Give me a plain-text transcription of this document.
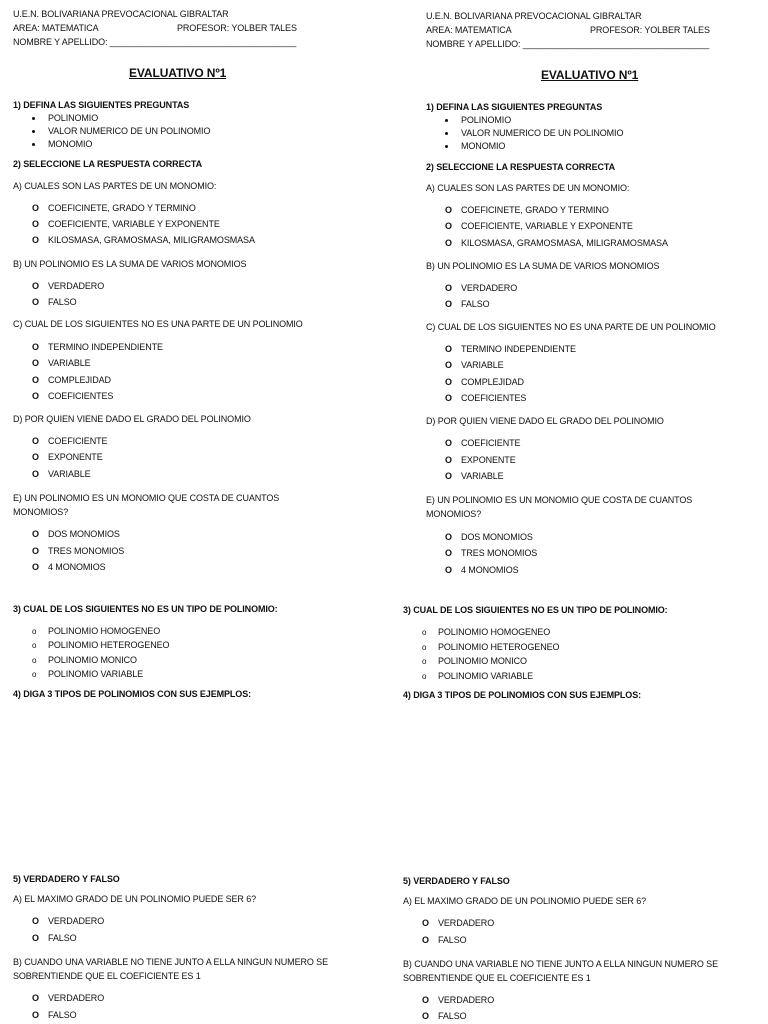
U.E.N. BOLIVARIANA PREVOCACIONAL GIBRALTAR
AREA: MATEMATICA	PROFESOR: YOLBER TALES
NOMBRE Y APELLIDO: ______________________________________
EVALUATIVO Nº1
1) DEFINA LAS SIGUIENTES PREGUNTAS
POLINOMIO
VALOR NUMERICO DE UN POLINOMIO
MONOMIO
2) SELECCIONE LA RESPUESTA CORRECTA
A) CUALES SON LAS PARTES DE UN MONOMIO:
O COEFICINETE, GRADO Y TERMINO
O COEFICIENTE, VARIABLE Y EXPONENTE
O KILOSMASA, GRAMOSMASA, MILIGRAMOSMASA
B) UN POLINOMIO ES LA SUMA DE VARIOS MONOMIOS
O VERDADERO
O FALSO
C) CUAL DE LOS SIGUIENTES NO ES UNA PARTE DE UN POLINOMIO
O TERMINO INDEPENDIENTE
O VARIABLE
O COMPLEJIDAD
O COEFICIENTES
D) POR QUIEN VIENE DADO EL GRADO DEL POLINOMIO
O COEFICIENTE
O EXPONENTE
O VARIABLE
E) UN POLINOMIO ES UN MONOMIO QUE COSTA DE CUANTOS MONOMIOS?
O DOS MONOMIOS
O TRES MONOMIOS
O 4 MONOMIOS
3) CUAL DE LOS SIGUIENTES NO ES UN TIPO DE POLINOMIO:
o POLINOMIO HOMOGENEO
o POLINOMIO HETEROGENEO
o POLINOMIO MONICO
o POLINOMIO VARIABLE
4) DIGA 3 TIPOS DE POLINOMIOS CON SUS EJEMPLOS:
5) VERDADERO Y FALSO
A) EL MAXIMO GRADO DE UN POLINOMIO PUEDE SER 6?
O VERDADERO
O FALSO
B) CUANDO UNA VARIABLE NO TIENE JUNTO A ELLA NINGUN NUMERO SE SOBRENTIENDE QUE EL COEFICIENTE ES 1
O VERDADERO
O FALSO
U.E.N. BOLIVARIANA PREVOCACIONAL GIBRALTAR
AREA: MATEMATICA	PROFESOR: YOLBER TALES
NOMBRE Y APELLIDO: ______________________________________
EVALUATIVO Nº1
1) DEFINA LAS SIGUIENTES PREGUNTAS
POLINOMIO
VALOR NUMERICO DE UN POLINOMIO
MONOMIO
2) SELECCIONE LA RESPUESTA CORRECTA
A) CUALES SON LAS PARTES DE UN MONOMIO:
O COEFICINETE, GRADO Y TERMINO
O COEFICIENTE, VARIABLE Y EXPONENTE
O KILOSMASA, GRAMOSMASA, MILIGRAMOSMASA
B) UN POLINOMIO ES LA SUMA DE VARIOS MONOMIOS
O VERDADERO
O FALSO
C) CUAL DE LOS SIGUIENTES NO ES UNA PARTE DE UN POLINOMIO
O TERMINO INDEPENDIENTE
O VARIABLE
O COMPLEJIDAD
O COEFICIENTES
D) POR QUIEN VIENE DADO EL GRADO DEL POLINOMIO
O COEFICIENTE
O EXPONENTE
O VARIABLE
E) UN POLINOMIO ES UN MONOMIO QUE COSTA DE CUANTOS MONOMIOS?
O DOS MONOMIOS
O TRES MONOMIOS
O 4 MONOMIOS
3) CUAL DE LOS SIGUIENTES NO ES UN TIPO DE POLINOMIO:
o POLINOMIO HOMOGENEO
o POLINOMIO HETEROGENEO
o POLINOMIO MONICO
o POLINOMIO VARIABLE
4) DIGA 3 TIPOS DE POLINOMIOS CON SUS EJEMPLOS:
5) VERDADERO Y FALSO
A) EL MAXIMO GRADO DE UN POLINOMIO PUEDE SER 6?
O VERDADERO
O FALSO
B) CUANDO UNA VARIABLE NO TIENE JUNTO A ELLA NINGUN NUMERO SE SOBRENTIENDE QUE EL COEFICIENTE ES 1
O VERDADERO
O FALSO
